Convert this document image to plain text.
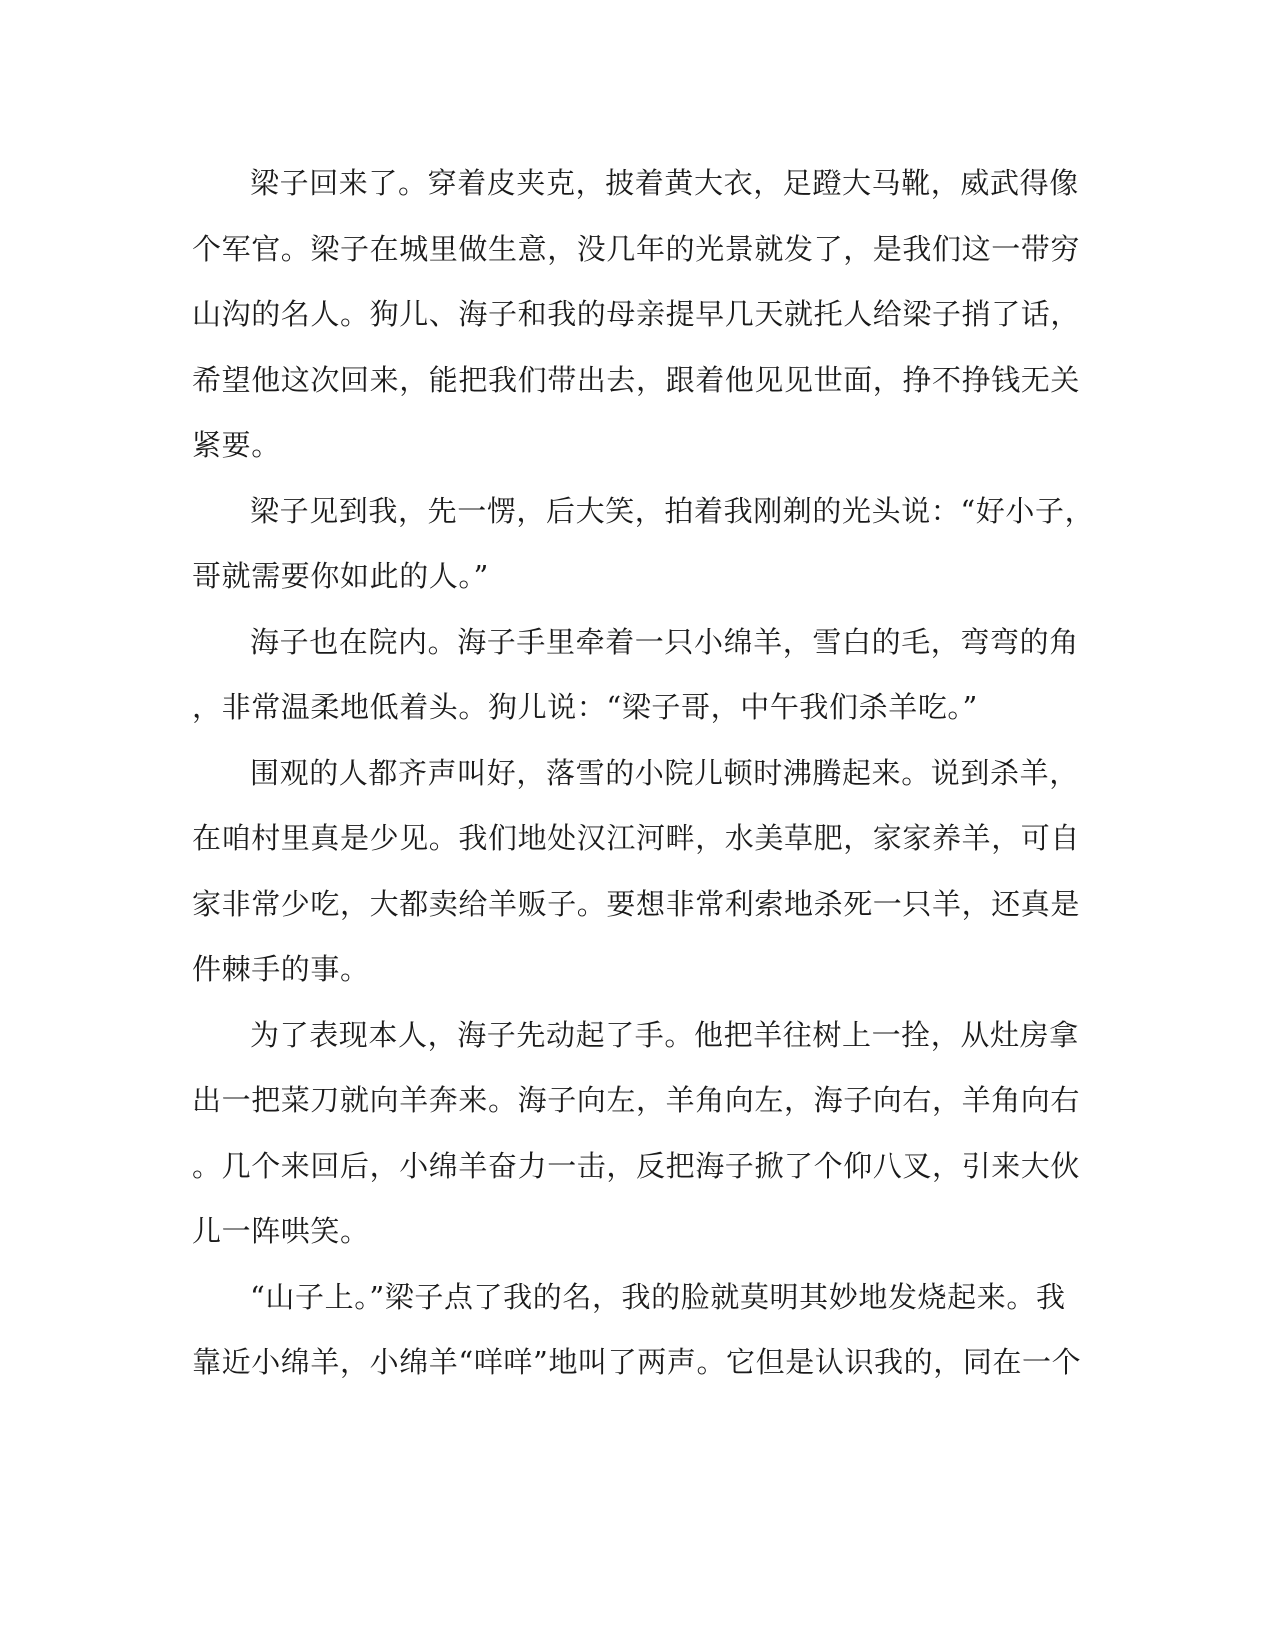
梁子回来了。穿着皮夹克，披着黄大衣，足蹬大马靴，威武得像
个军官。梁子在城里做生意，没几年的光景就发了，是我们这一带穷
山沟的名人。狗儿、海子和我的母亲提早几天就托人给梁子捎了话，
希望他这次回来，能把我们带出去，跟着他见见世面，挣不挣钱无关
紧要。
梁子见到我，先一愣，后大笑，拍着我刚剃的光头说：“好小子，
哥就需要你如此的人。”
海子也在院内。海子手里牵着一只小绵羊，雪白的毛，弯弯的角
，非常温柔地低着头。狗儿说：“梁子哥，中午我们杀羊吃。”
围观的人都齐声叫好，落雪的小院儿顿时沸腾起来。说到杀羊，
在咱村里真是少见。我们地处汉江河畔，水美草肥，家家养羊，可自
家非常少吃，大都卖给羊贩子。要想非常利索地杀死一只羊，还真是
件棘手的事。
为了表现本人，海子先动起了手。他把羊往树上一拴，从灶房拿
出一把菜刀就向羊奔来。海子向左，羊角向左，海子向右，羊角向右
。几个来回后，小绵羊奋力一击，反把海子掀了个仰八叉，引来大伙
儿一阵哄笑。
“山子上。”梁子点了我的名，我的脸就莫明其妙地发烧起来。我
靠近小绵羊，小绵羊“咩咩”地叫了两声。它但是认识我的，同在一个
